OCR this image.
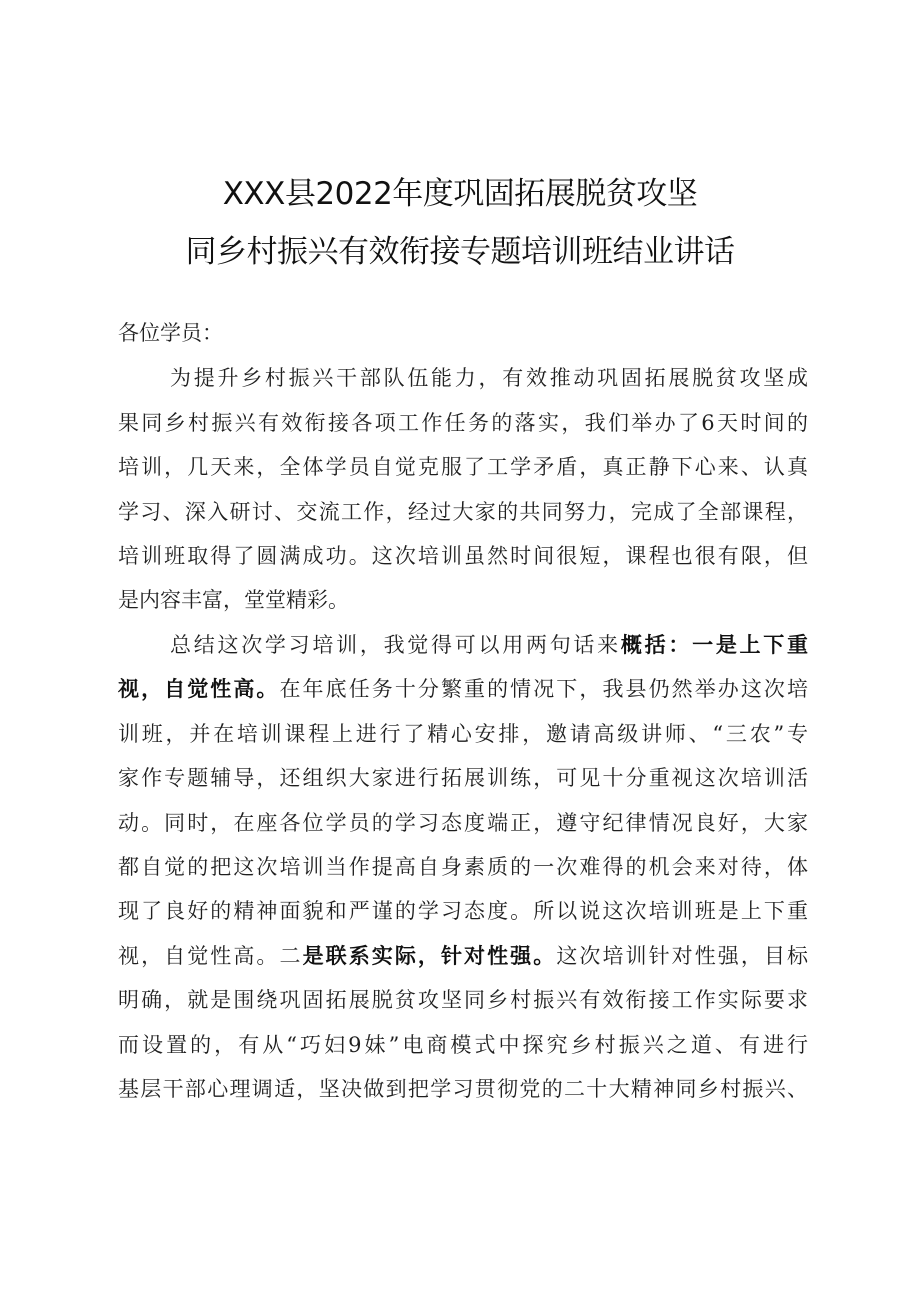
XXX县2022年度巩固拓展脱贫攻坚
同乡村振兴有效衔接专题培训班结业讲话
各位学员：
为提升乡村振兴干部队伍能力，有效推动巩固拓展脱贫攻坚成
果同乡村振兴有效衔接各项工作任务的落实，我们举办了6天时间的
培训，几天来，全体学员自觉克服了工学矛盾，真正静下心来、认真
学习、深入研讨、交流工作，经过大家的共同努力，完成了全部课程，
培训班取得了圆满成功。这次培训虽然时间很短，课程也很有限，但
是内容丰富，堂堂精彩。
总结这次学习培训，我觉得可以用两句话来概括：一是上下重
视，自觉性高。在年底任务十分繁重的情况下，我县仍然举办这次培
训班，并在培训课程上进行了精心安排，邀请高级讲师、“三农”专
家作专题辅导，还组织大家进行拓展训练，可见十分重视这次培训活
动。同时，在座各位学员的学习态度端正，遵守纪律情况良好，大家
都自觉的把这次培训当作提高自身素质的一次难得的机会来对待，体
现了良好的精神面貌和严谨的学习态度。所以说这次培训班是上下重
视，自觉性高。二是联系实际，针对性强。这次培训针对性强，目标
明确，就是围绕巩固拓展脱贫攻坚同乡村振兴有效衔接工作实际要求
而设置的，有从“巧妇9妹”电商模式中探究乡村振兴之道、有进行
基层干部心理调适，坚决做到把学习贯彻党的二十大精神同乡村振兴、
